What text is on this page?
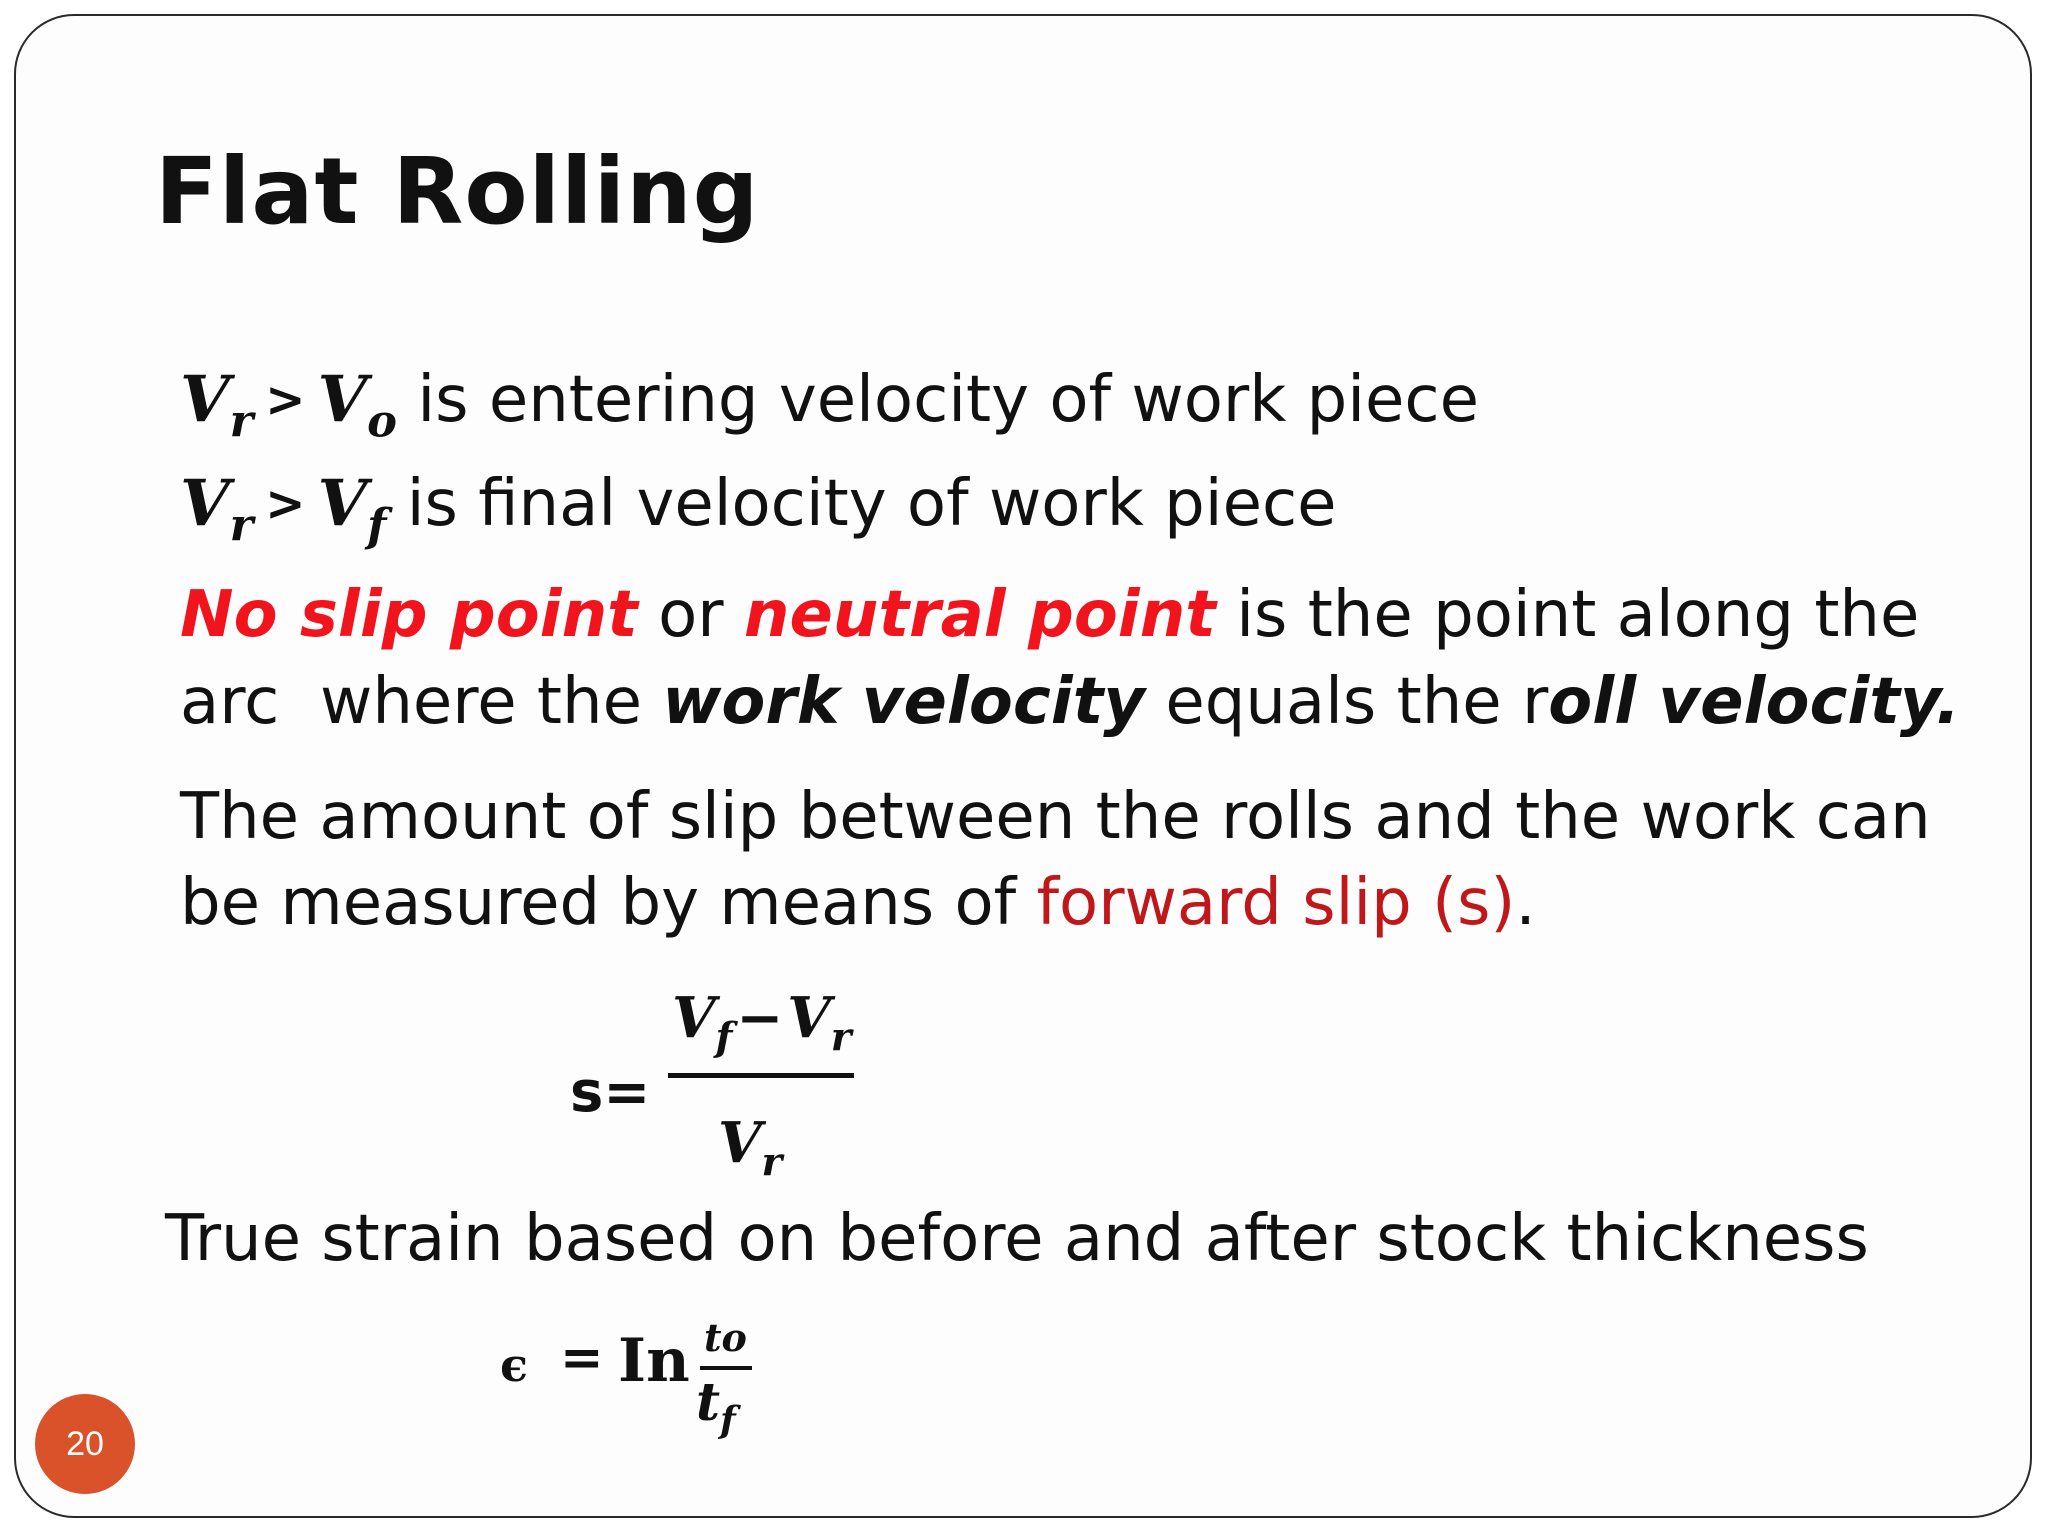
Flat Rolling
$V_r > V_o$ is entering velocity of work piece
$V_r > V_f$ is final velocity of work piece
No slip point or neutral point is the point along the
arc  where the work velocity equals the roll velocity.
The amount of slip between the rolls and the work can
be measured by means of forward slip (s).
s=
$V_f-V_r$
$V_r$
True strain based on before and after stock thickness
ϵ = In to
$t_f$
20
